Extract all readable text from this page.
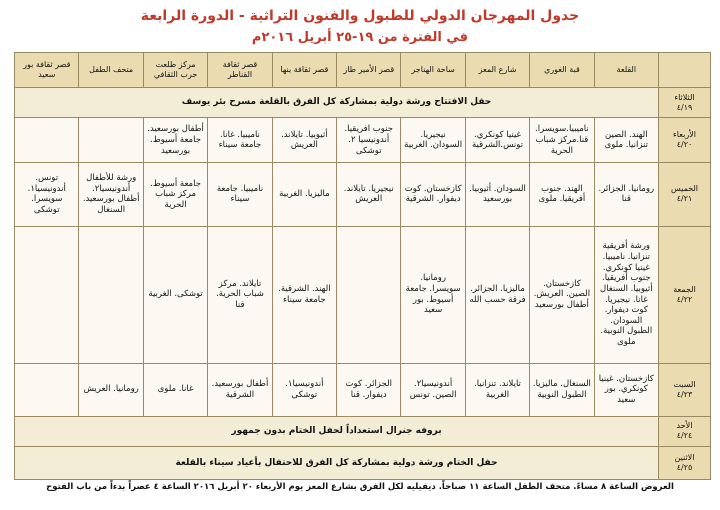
جدول المهرجان الدولي للطبول والفنون التراثية - الدورة الرابعة
في الفترة من ١٩-٢٥ أبريل ٢٠١٦م
	القلعة	قبة الغوري	شارع المعز	ساحة الهناجر	قصر الأمير طاز	قصر ثقافة بنها	قصر ثقافة القناطر	مركز طلعت حرب الثقافي	متحف الطفل	قصر ثقافة بور سعيد

الثلاثاء
٤/١٩	حفل الافتتاح ورشة دولية بمشاركة كل الفرق بالقلعة مسرح بئر يوسف									

الأربعاء
٤/٢٠	الهند. الصين تنزانيا. ملوى	ناميبيا.سويسرا. قنا.مركز شباب الحرية	غينيا كونكري. تونس.الشرقية	نيجيريا. السودان. الغربية	جنوب افريقيا. أندونيسيا ٢. توشكى	أثيوبيا. تايلاند. العريش	ناميبيا. غانا. جامعة سيناء	أطفال بورسعيد. جامعة أسيوط. بورسعيد		

الخميس
٤/٢١	رومانيا. الجزائر. قنا	الهند. جنوب أفريقيا. ملوى	السودان. أثيوبيا. بورسعيد	كازخستان. كوت ديفوار. الشرقية	نيجيريا. تايلاند. العريش	ماليزيا. الغربية	ناميبيا. جامعة سيناء	جامعة أسيوط. مركز شباب الحرية	ورشة للأطفال أندونيسيا٢. أطفال بورسعيد. السنغال	تونس. أندونيسيا١. سويسرا. توشكى

الجمعة
٤/٢٢	ورشة أفريقية تنزانيا. ناميبيا. غينيا كونكري. جنوب أفريقيا. أثيوبيا. السنغال غانا. نيجيريا. كوت ديفوار. السودان. الطبول النوبية. ملوى	كازخستان. الصين. العريش. أطفال بورسعيد	ماليزيا. الجزائر. فرقة حسب الله	رومانيا. سويسرا. جامعة أسيوط. بور سعيد		الهند. الشرقية. جامعة سيناء	تايلاند. مركز شباب الحرية. قنا	توشكى. الغربية		

السبت
٤/٢٣	كازخستان. غينيا كونكري. بور سعيد	السنغال. ماليزيا. الطبول النوبية	تايلاند. تنزانيا. الغربية	أندونيسيا٢. الصين. تونس	الجزائر. كوت ديفوار. قنا	أندونيسيا١. توشكى	أطفال بورسعيد. الشرقية	غانا. ملوى	رومانيا. العريش	

الأحد
٤/٢٤	بروفه جنرال استعداداً لحفل الختام بدون جمهور									

الاثنين
٤/٢٥	حفل الختام ورشة دولية بمشاركة كل الفرق للاحتفال بأعياد سيناء بالقلعة									
العروض الساعة ٨ مساءً. متحف الطفل الساعة ١١ صباحاً. ديفيليه لكل الفرق بشارع المعز يوم الأربعاء ٢٠ أبريل ٢٠١٦ الساعة ٤ عصراً بدءاً من باب الفتوح
